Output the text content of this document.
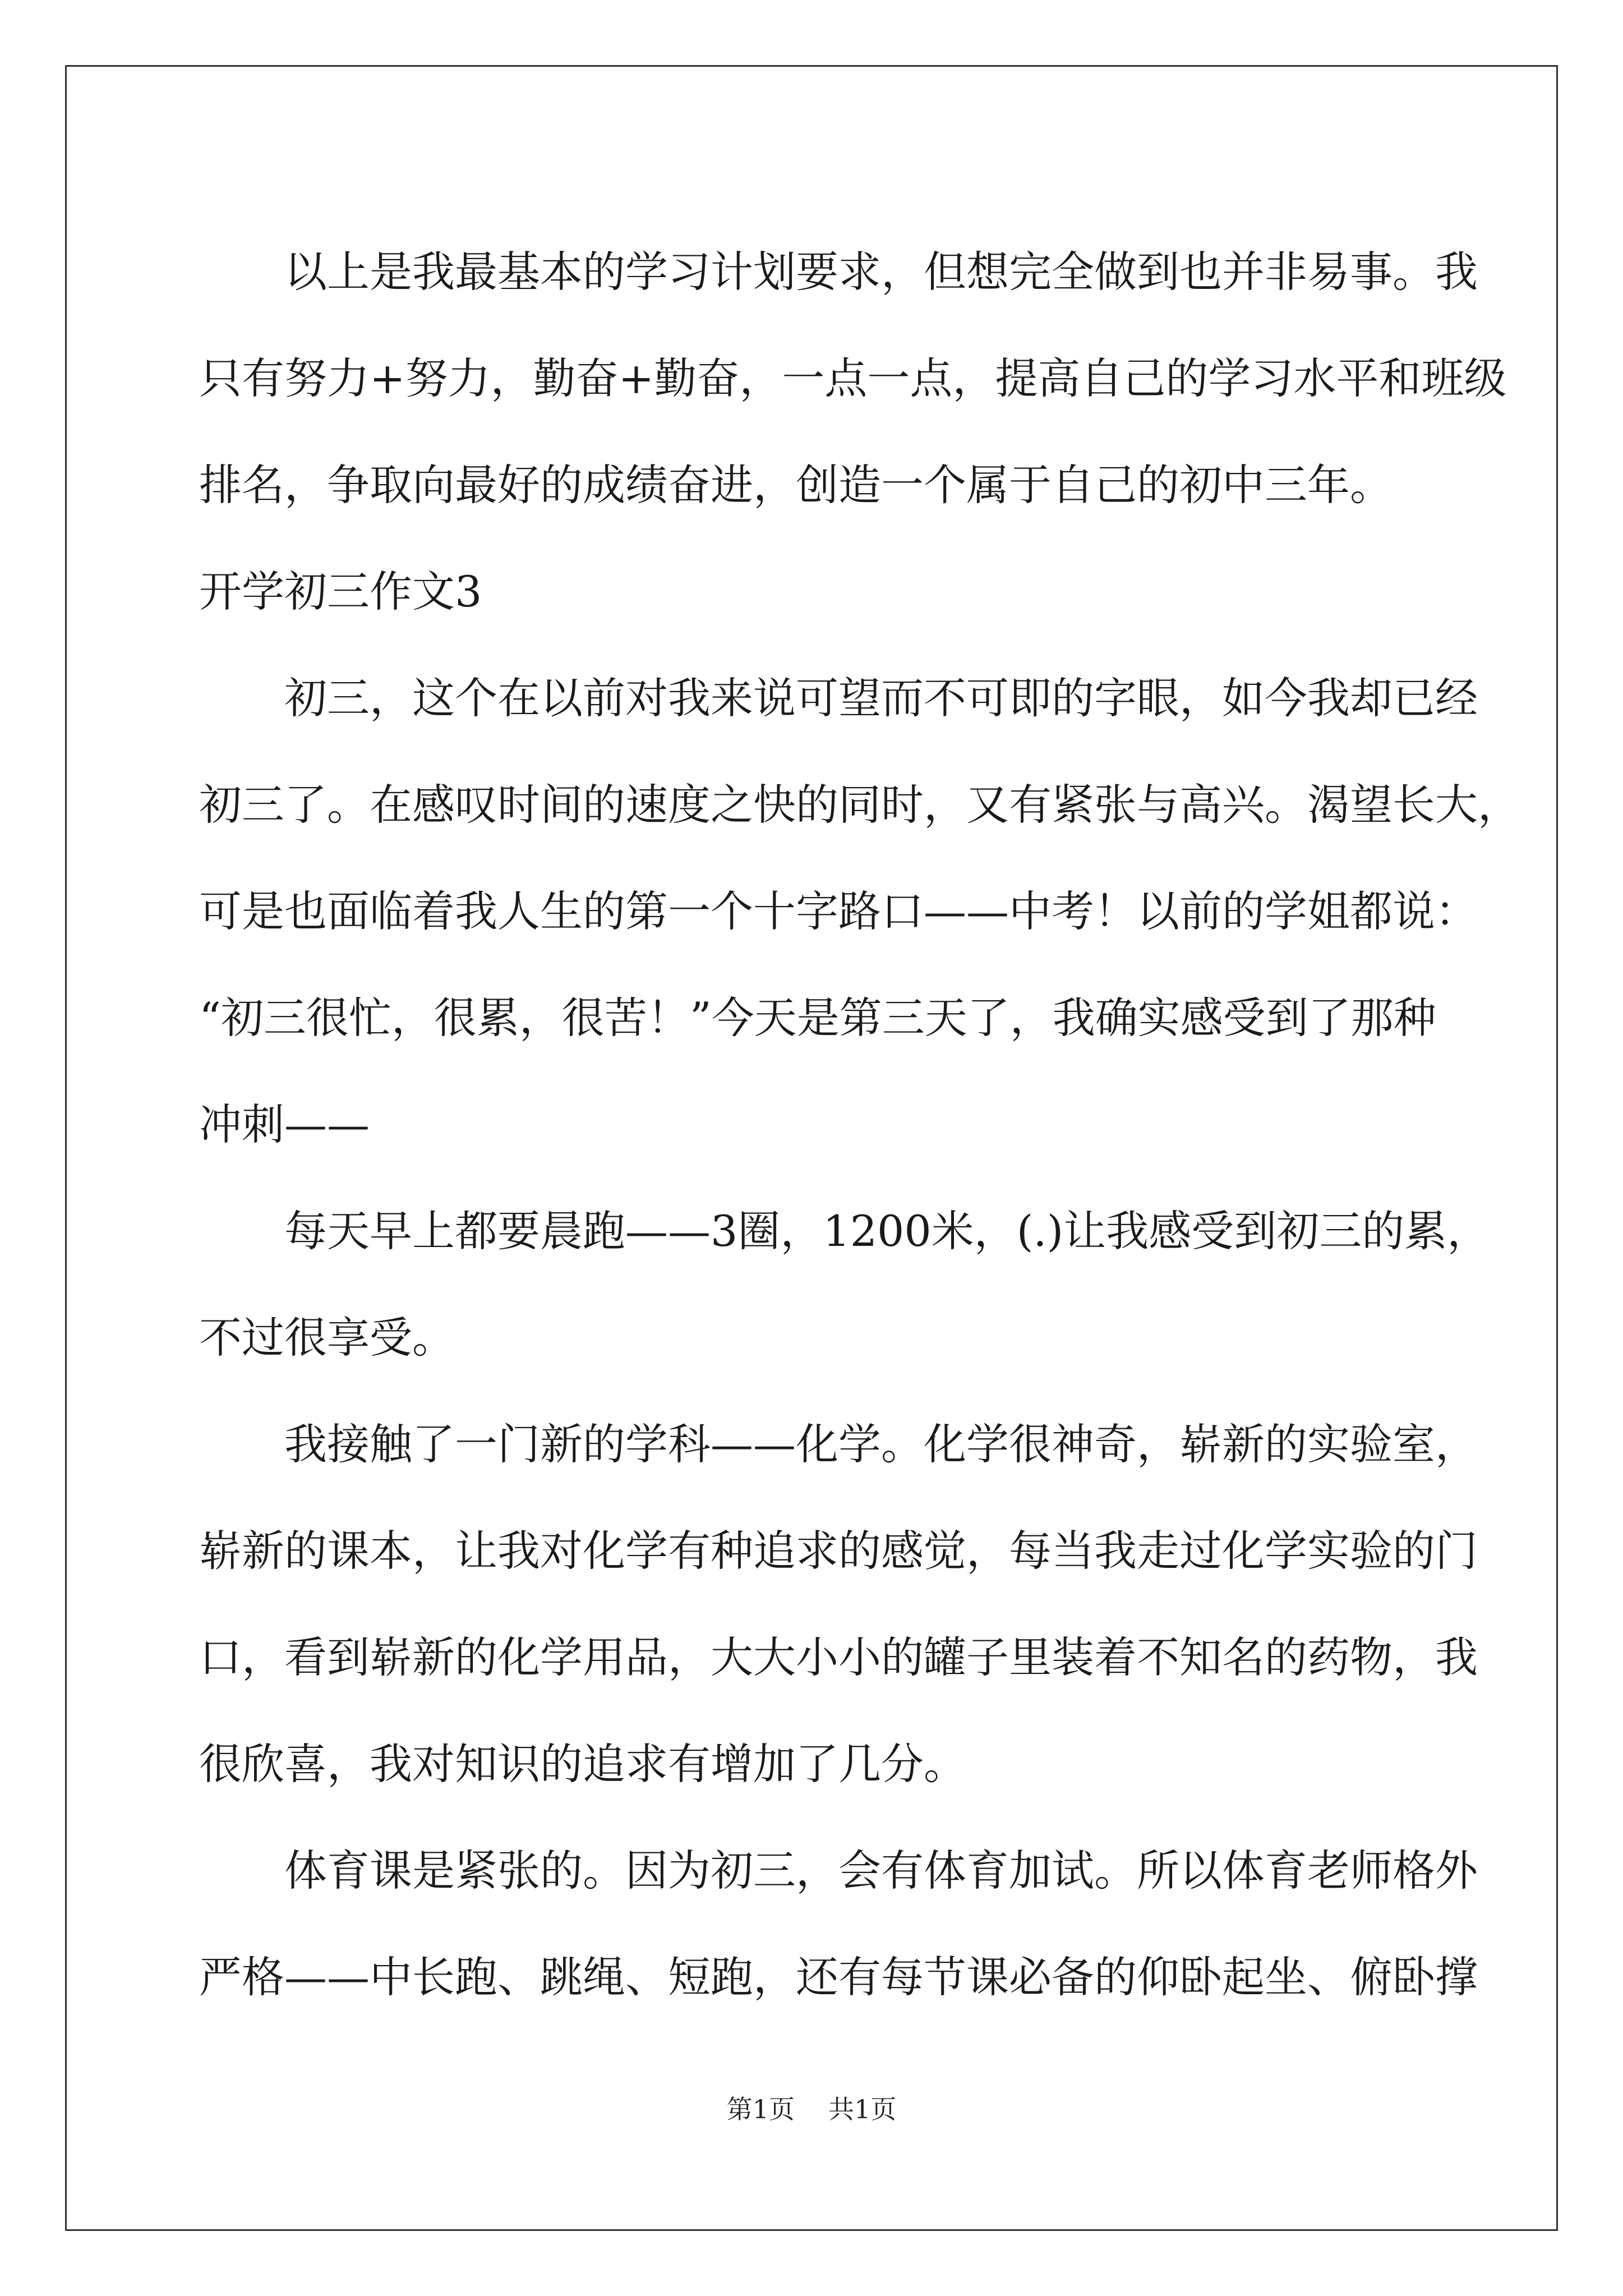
以上是我最基本的学习计划要求，但想完全做到也并非易事。我
只有努力+努力，勤奋+勤奋，一点一点，提高自己的学习水平和班级
排名，争取向最好的成绩奋进，创造一个属于自己的初中三年。
开学初三作文3
初三，这个在以前对我来说可望而不可即的字眼，如今我却已经
初三了。在感叹时间的速度之快的同时，又有紧张与高兴。渴望长大，
可是也面临着我人生的第一个十字路口——中考！以前的学姐都说：
“初三很忙，很累，很苦！”今天是第三天了，我确实感受到了那种
冲刺——
每天早上都要晨跑——3圈，1200米，(.)让我感受到初三的累，
不过很享受。
我接触了一门新的学科——化学。化学很神奇，崭新的实验室，
崭新的课本，让我对化学有种追求的感觉，每当我走过化学实验的门
口，看到崭新的化学用品，大大小小的罐子里装着不知名的药物，我
很欣喜，我对知识的追求有增加了几分。
体育课是紧张的。因为初三，会有体育加试。所以体育老师格外
严格——中长跑、跳绳、短跑，还有每节课必备的仰卧起坐、俯卧撑
第1页 共1页
